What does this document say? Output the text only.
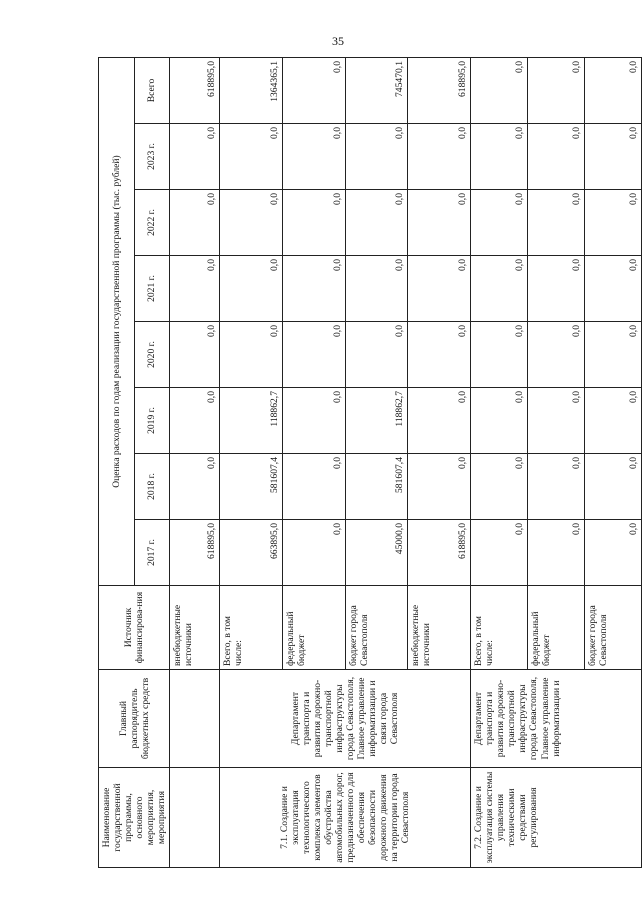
35
Наименование государственной программы, основного мероприятия, мероприятия	Главный распорядитель бюджетных средств	Источник финансирова-ния	Оценка расходов по годам реализации государственной программы (тыс. рублей)							
			2017 г.	2018 г.	2019 г.	2020 г.	2021 г.	2022 г.	2023 г.	Всего
		внебюджетные источники	618895,0	0,0	0,0	0,0	0,0	0,0	0,0	618895,0
7.1. Создание и эксплуатация технологического комплекса элементов обустройства автомобильных дорог, предназначенного для обеспечения безопасности дорожного движения на территории города Севастополя	Департамент транспорта и развития дорожно-транспортной инфраструктуры города Севастополя, Главное управление информатизации и связи города Севастополя	Всего, в том числе:	663895,0	581607,4	118862,7	0,0	0,0	0,0	0,0	1364365,1
		федеральный бюджет	0,0	0,0	0,0	0,0	0,0	0,0	0,0	0,0
		бюджет города Севастополя	45000,0	581607,4	118862,7	0,0	0,0	0,0	0,0	745470,1
		внебюджетные источники	618895,0	0,0	0,0	0,0	0,0	0,0	0,0	618895,0
7.2. Создание и эксплуатация системы управления техническими средствами регулирования	Департамент транспорта и развития дорожно-транспортной инфраструктуры города Севастополя, Главное управление информатизации и	Всего, в том числе:	0,0	0,0	0,0	0,0	0,0	0,0	0,0	0,0
		федеральный бюджет	0,0	0,0	0,0	0,0	0,0	0,0	0,0	0,0
		бюджет города Севастополя	0,0	0,0	0,0	0,0	0,0	0,0	0,0	0,0
